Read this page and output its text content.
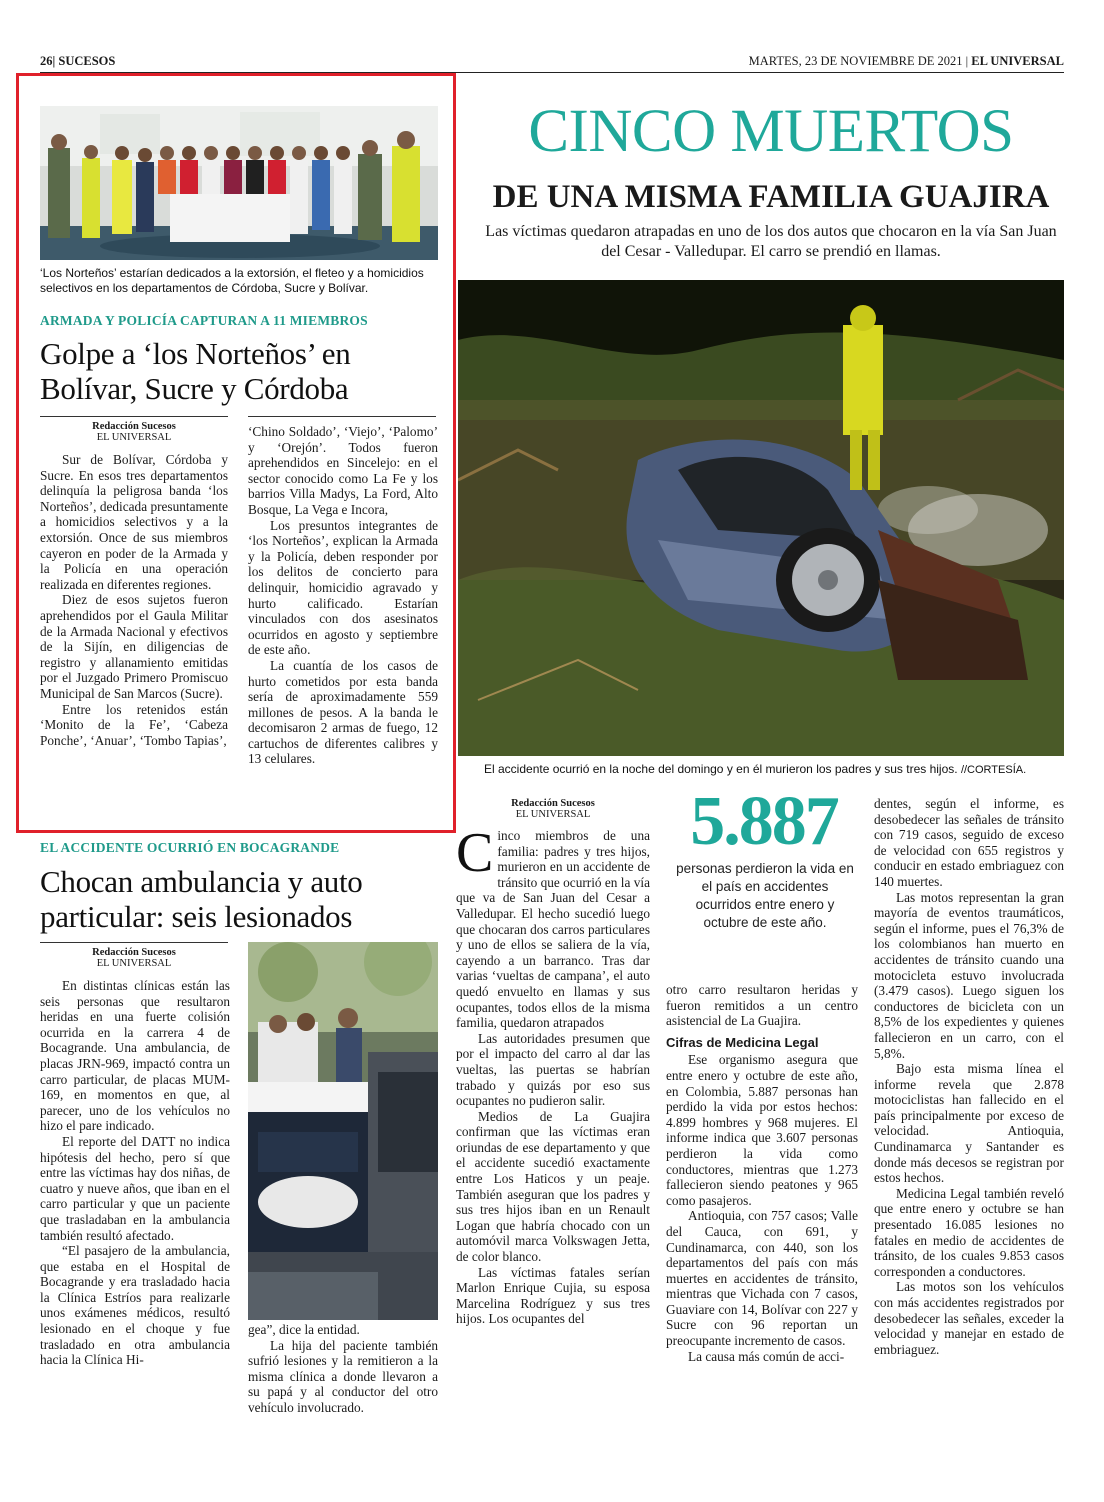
26| SUCESOS	MARTES, 23 DE NOVIEMBRE DE 2021 | EL UNIVERSAL
‘Los Norteños’ estarían dedicados a la extorsión, el fleteo y a homicidios selectivos en los departamentos de Córdoba, Sucre y Bolívar.
ARMADA Y POLICÍA CAPTURAN A 11 MIEMBROS
Golpe a ‘los Norteños’ en Bolívar, Sucre y Córdoba
Redacción Sucesos
EL UNIVERSAL

Sur de Bolívar, Córdoba y Sucre. En esos tres departamentos delinquía la peligrosa banda ‘los Norteños’, dedicada presuntamente a homicidios selectivos y a la extorsión. Once de sus miembros cayeron en poder de la Armada y la Policía en una operación realizada en diferentes regiones.

Diez de esos sujetos fueron aprehendidos por el Gaula Militar de la Armada Nacional y efectivos de la Sijín, en diligencias de registro y allanamiento emitidas por el Juzgado Primero Promiscuo Municipal de San Marcos (Sucre).

Entre los retenidos están ‘Monito de la Fe’, ‘Cabeza Ponche’, ‘Anuar’, ‘Tombo Tapias’,

‘Chino Soldado’, ‘Viejo’, ‘Palomo’ y ‘Orejón’. Todos fueron aprehendidos en Sincelejo: en el sector conocido como La Fe y los barrios Villa Madys, La Ford, Alto Bosque, La Vega e Incora,

Los presuntos integrantes de ‘los Norteños’, explican la Armada y la Policía, deben responder por los delitos de concierto para delinquir, homicidio agravado y hurto calificado. Estarían vinculados con dos asesinatos ocurridos en agosto y septiembre de este año.

La cuantía de los casos de hurto cometidos por esta banda sería de aproximadamente 559 millones de pesos. A la banda le decomisaron 2 armas de fuego, 12 cartuchos de diferentes calibres y 13 celulares.

EL ACCIDENTE OCURRIÓ EN BOCAGRANDE
Chocan ambulancia y auto particular: seis lesionados
Redacción Sucesos
EL UNIVERSAL

En distintas clínicas están las seis personas que resultaron heridas en una fuerte colisión ocurrida en la carrera 4 de Bocagrande. Una ambulancia, de placas JRN-969, impactó contra un carro particular, de placas MUM-169, en momentos en que, al parecer, uno de los vehículos no hizo el pare indicado.

El reporte del DATT no indica hipótesis del hecho, pero sí que entre las víctimas hay dos niñas, de cuatro y nueve años, que iban en el carro particular y que un paciente que trasladaban en la ambulancia también resultó afectado.

“El pasajero de la ambulancia, que estaba en el Hospital de Bocagrande y era trasladado hacia la Clínica Estríos para realizarle unos exámenes médicos, resultó lesionado en el choque y fue trasladado en otra ambulancia hacia la Clínica Hi-

gea”, dice la entidad.

La hija del paciente también sufrió lesiones y la remitieron a la misma clínica a donde llevaron a su papá y al conductor del otro vehículo involucrado.

CINCO MUERTOS
DE UNA MISMA FAMILIA GUAJIRA

Las víctimas quedaron atrapadas en uno de los dos autos que chocaron en la vía San Juan del Cesar - Valledupar. El carro se prendió en llamas.

El accidente ocurrió en la noche del domingo y en él murieron los padres y sus tres hijos. //CORTESÍA.
Redacción Sucesos
EL UNIVERSAL

Cinco miembros de una familia: padres y tres hijos, murieron en un accidente de tránsito que ocurrió en la vía que va de San Juan del Cesar a Valledupar. El hecho sucedió luego que chocaran dos carros particulares y uno de ellos se saliera de la vía, cayendo a un barranco. Tras dar varias ‘vueltas de campana’, el auto quedó envuelto en llamas y sus ocupantes, todos ellos de la misma familia, quedaron atrapados

Las autoridades presumen que por el impacto del carro al dar las vueltas, las puertas se habrían trabado y quizás por eso sus ocupantes no pudieron salir.

Medios de La Guajira confirman que las víctimas eran oriundas de ese departamento y que el accidente sucedió exactamente entre Los Haticos y un peaje. También aseguran que los padres y sus tres hijos iban en un Renault Logan que habría chocado con un automóvil marca Volkswagen Jetta, de color blanco.

Las víctimas fatales serían Marlon Enrique Cujia, su esposa Marcelina Rodríguez y sus tres hijos. Los ocupantes del

5.887
personas perdieron la vida en el país en accidentes ocurridos entre enero y octubre de este año.

otro carro resultaron heridas y fueron remitidos a un centro asistencial de La Guajira.

Cifras de Medicina Legal

Ese organismo asegura que entre enero y octubre de este año, en Colombia, 5.887 personas han perdido la vida por estos hechos: 4.899 hombres y 968 mujeres. El informe indica que 3.607 personas perdieron la vida como conductores, mientras que 1.273 fallecieron siendo peatones y 965 como pasajeros.

Antioquia, con 757 casos; Valle del Cauca, con 691, y Cundinamarca, con 440, son los departamentos del país con más muertes en accidentes de tránsito, mientras que Vichada con 7 casos, Guaviare con 14, Bolívar con 227 y Sucre con 96 reportan un preocupante incremento de casos.

La causa más común de acci-

dentes, según el informe, es desobedecer las señales de tránsito con 719 casos, seguido de exceso de velocidad con 655 registros y conducir en estado embriaguez con 140 muertes.

Las motos representan la gran mayoría de eventos traumáticos, según el informe, pues el 76,3% de los colombianos han muerto en accidentes de tránsito cuando una motocicleta estuvo involucrada (3.479 casos). Luego siguen los conductores de bicicleta con un 8,5% de los expedientes y quienes fallecieron en un carro, con el 5,8%.

Bajo esta misma línea el informe revela que 2.878 motociclistas han fallecido en el país principalmente por exceso de velocidad. Antioquia, Cundinamarca y Santander es donde más decesos se registran por estos hechos.

Medicina Legal también reveló que entre enero y octubre se han presentado 16.085 lesiones no fatales en medio de accidentes de tránsito, de los cuales 9.853 casos corresponden a conductores.

Las motos son los vehículos con más accidentes registrados por desobedecer las señales, exceder la velocidad y manejar en estado de embriaguez.
